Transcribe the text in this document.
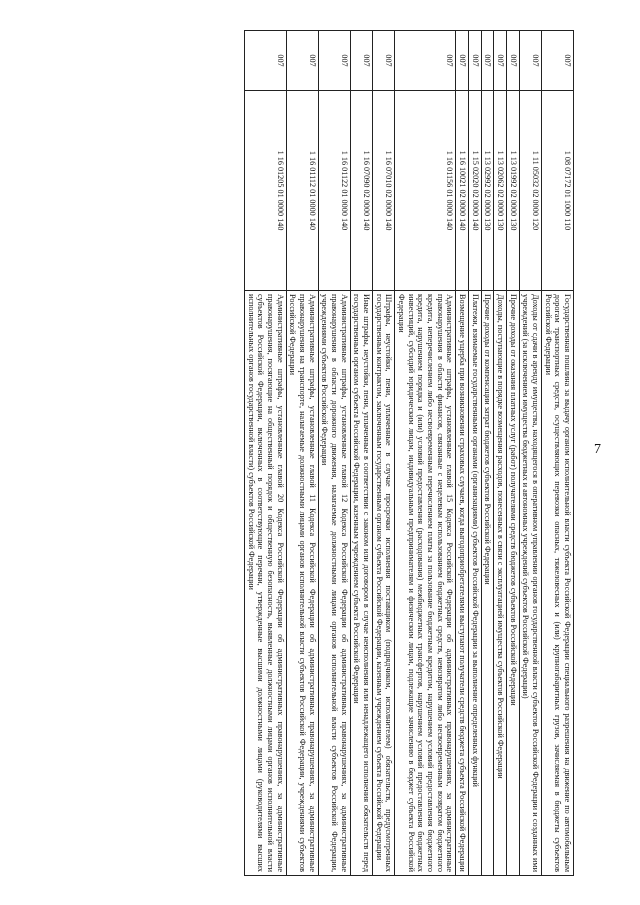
7
007	1 08 07172 01 1000 110	Государственная пошлина за выдачу органом исполнительной власти субъекта Российской Федерации специального разрешения на движение по автомобильным дорогам транспортных средств, осуществляющих перевозки опасных, тяжеловесных и (или) крупногабаритных грузов, зачисляемая в бюджеты субъектов Российской Федерации
007	1 11 05032 02 0000 120	Доходы от сдачи в аренду имущества, находящегося в оперативном управлении органов государственной власти субъектов Российской Федерации и созданных ими учреждений (за исключением имущества бюджетных и автономных учреждений субъектов Российской Федерации)
007	1 13 01992 02 0000 130	Прочие доходы от оказания платных услуг (работ) получателями средств бюджетов субъектов Российской Федерации
007	1 13 02062 02 0000 130	Доходы, поступающие в порядке возмещения расходов, понесенных в связи с эксплуатацией имущества субъектов Российской Федерации
007	1 13 02992 02 0000 130	Прочие доходы от компенсации затрат бюджетов субъектов Российской Федерации
007	1 15 02020 02 0000 140	Платежи, взимаемые государственными органами (организациями) субъектов Российской Федерации за выполнение определенных функций
007	1 16 10021 02 0000 140	Возмещение ущерба при возникновении страховых случаев, когда выгодоприобретателями выступают получатели средств бюджета субъекта Российской Федерации
007	1 16 01156 01 0000 140	Административные штрафы, установленные главой 15 Кодекса Российской Федерации об административных правонарушениях, за административные правонарушения в области финансов, связанные с нецелевым использованием бюджетных средств, невозвратом либо несвоевременным возвратом бюджетного кредита, неперечислением либо несвоевременным перечислением платы за пользование бюджетным кредитом, нарушением условий предоставления бюджетного кредита, нарушением порядка и (или) условий предоставления (расходования) межбюджетных трансфертов, нарушением условий предоставления бюджетных инвестиций, субсидий юридическим лицам, индивидуальным предпринимателям и физическим лицам, подлежащие зачислению в бюджет субъекта Российской Федерации
007	1 16 07010 02 0000 140	Штрафы, неустойки, пени, уплаченные в случае просрочки исполнения поставщиком (подрядчиком, исполнителем) обязательств, предусмотренных государственным контрактом, заключенным государственным органом субъекта Российской Федерации, казенным учреждением субъекта Российской Федерации
007	1 16 07090 02 0000 140	Иные штрафы, неустойки, пени, уплаченные в соответствии с законом или договором в случае неисполнения или ненадлежащего исполнения обязательств перед государственным органом субъекта Российской Федерации, казенным учреждением субъекта Российской Федерации
007	1 16 01122 01 0000 140	Административные штрафы, установленные главой 12 Кодекса Российской Федерации об административных правонарушениях, за административные правонарушения в области дорожного движения, налагаемые должностными лицами органов исполнительной власти субъектов Российской Федерации, учреждениями субъектов Российской Федерации
007	1 16 01112 01 0000 140	Административные штрафы, установленные главой 11 Кодекса Российской Федерации об административных правонарушениях, за административные правонарушения на транспорте, налагаемые должностными лицами органов исполнительной власти субъектов Российской Федерации, учреждениями субъектов Российской Федерации
007	1 16 01205 01 0000 140	Административные штрафы, установленные главой 20 Кодекса Российской Федерации об административных правонарушениях, за административные правонарушения, посягающие на общественный порядок и общественную безопасность, выявленные должностными лицами органов исполнительной власти субъектов Российской Федерации, включенных в соответствующие перечни, утвержденные высшими должностными лицами (руководителями высших исполнительных органов государственной власти) субъектов Российской Федерации
